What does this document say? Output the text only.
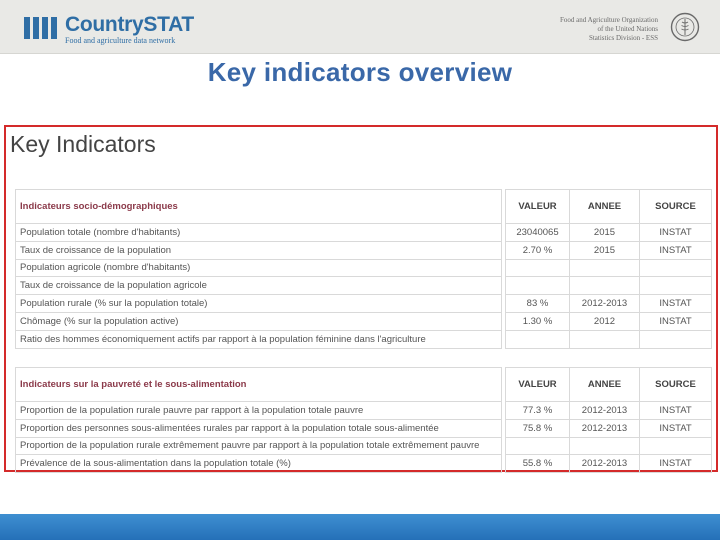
CountrySTAT
Food and agriculture data network
Food and Agriculture Organization
of the United Nations
Statistics Division - ESS
Key indicators overview
Key Indicators
Indicateurs socio-démographiques		VALEUR	ANNEE	SOURCE
Population totale (nombre d'habitants)		23040065	2015	INSTAT
Taux de croissance de la population		2.70 %	2015	INSTAT
Population agricole (nombre d'habitants)				
Taux de croissance de la population agricole				
Population rurale (% sur la population totale)		83 %	2012-2013	INSTAT
Chômage (% sur la population active)		1.30 %	2012	INSTAT
Ratio des hommes économiquement actifs par rapport à la population féminine dans l'agriculture				
Indicateurs sur la pauvreté et le sous-alimentation		VALEUR	ANNEE	SOURCE
Proportion de la population rurale pauvre par rapport à la population totale pauvre		77.3 %	2012-2013	INSTAT
Proportion des personnes sous-alimentées rurales par rapport à la population totale sous-alimentée		75.8 %	2012-2013	INSTAT
Proportion de la population rurale extrêmement pauvre par rapport à la population totale extrêmement pauvre				
Prévalence de la sous-alimentation dans la population totale (%)		55.8 %	2012-2013	INSTAT
